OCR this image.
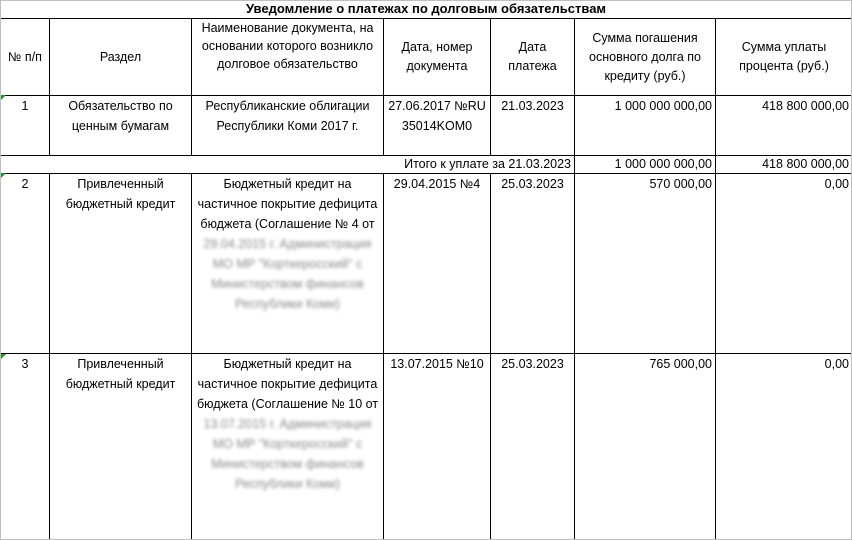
Уведомление о платежах по долговым обязательствам
№ п/п	Раздел	Наименование документа, на основании которого возникло долговое обязательство	Дата, номер документа	Дата платежа	Сумма погашения основного долга по кредиту (руб.)	Сумма уплаты процента (руб.)
1	Обязательство по ценным бумагам	Республиканские облигации Республики Коми 2017 г.	27.06.2017 №RU35014KOM0	21.03.2023	1 000 000 000,00	418 800 000,00
Итого к уплате за 21.03.2023					1 000 000 000,00	418 800 000,00
2	Привлеченный бюджетный кредит	Бюджетный кредит на частичное покрытие дефицита бюджета (Соглашение № 4 от 29.04.2015 г. Администрация МО МР "Корткеросский" с Министерством финансов Республики Коми)	29.04.2015 №4	25.03.2023	570 000,00	0,00
3	Привлеченный бюджетный кредит	Бюджетный кредит на частичное покрытие дефицита бюджета (Соглашение № 10 от 13.07.2015 г. Администрация МО МР "Корткеросский" с Министерством финансов Республики Коми)	13.07.2015 №10	25.03.2023	765 000,00	0,00
